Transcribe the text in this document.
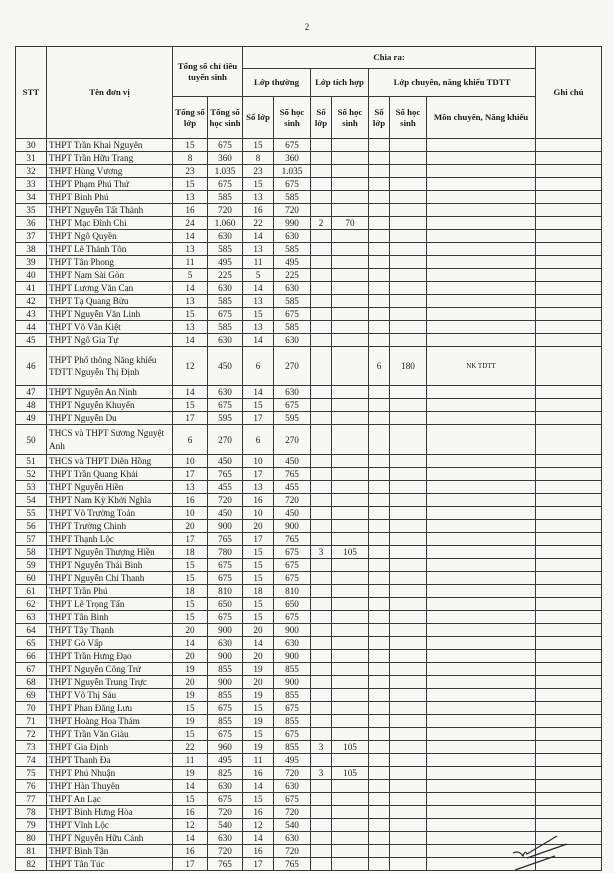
2
STT	Tên đơn vị	Tổng số chỉ tiêu tuyển sinh		Chia ra:							Ghi chú
				Lớp thường		Lớp tích hợp		Lớp chuyên, năng khiếu TDTT			
		Tổng số lớp	Tổng số học sinh	Số lớp	Số học sinh	Số lớp	Số học sinh	Số lớp	Số học sinh	Môn chuyên, Năng khiếu	
30	THPT Trần Khai Nguyên	15	675	15	675						
31	THPT Trần Hữu Trang	8	360	8	360						
32	THPT Hùng Vương	23	1.035	23	1.035						
33	THPT Phạm Phú Thứ	15	675	15	675						
34	THPT Bình Phú	13	585	13	585						
35	THPT Nguyễn Tất Thành	16	720	16	720						
36	THPT Mạc Đĩnh Chi	24	1.060	22	990	2	70				
37	THPT Ngô Quyền	14	630	14	630						
38	THPT Lê Thánh Tôn	13	585	13	585						
39	THPT Tân Phong	11	495	11	495						
40	THPT Nam Sài Gòn	5	225	5	225						
41	THPT Lương Văn Can	14	630	14	630						
42	THPT Tạ Quang Bửu	13	585	13	585						
43	THPT Nguyễn Văn Linh	15	675	15	675						
44	THPT Võ Văn Kiệt	13	585	13	585						
45	THPT Ngô Gia Tự	14	630	14	630						
46	THPT Phổ thông Năng khiếu TDTT Nguyễn Thị Định	12	450	6	270			6	180	NK TDTT	
47	THPT Nguyễn An Ninh	14	630	14	630						
48	THPT Nguyễn Khuyến	15	675	15	675						
49	THPT Nguyễn Du	17	595	17	595						
50	THCS và THPT Sương Nguyệt Anh	6	270	6	270						
51	THCS và THPT Diên Hồng	10	450	10	450						
52	THPT Trần Quang Khải	17	765	17	765						
53	THPT Nguyễn Hiền	13	455	13	455						
54	THPT Nam Kỳ Khởi Nghĩa	16	720	16	720						
55	THPT Võ Trường Toản	10	450	10	450						
56	THPT Trường Chinh	20	900	20	900						
57	THPT Thạnh Lộc	17	765	17	765						
58	THPT Nguyễn Thượng Hiền	18	780	15	675	3	105				
59	THPT Nguyễn Thái Bình	15	675	15	675						
60	THPT Nguyễn Chí Thanh	15	675	15	675						
61	THPT Trần Phú	18	810	18	810						
62	THPT Lê Trọng Tấn	15	650	15	650						
63	THPT Tân Bình	15	675	15	675						
64	THPT Tây Thạnh	20	900	20	900						
65	THPT Gò Vấp	14	630	14	630						
66	THPT Trần Hưng Đạo	20	900	20	900						
67	THPT Nguyễn Công Trứ	19	855	19	855						
68	THPT Nguyễn Trung Trực	20	900	20	900						
69	THPT Võ Thị Sáu	19	855	19	855						
70	THPT Phan Đăng Lưu	15	675	15	675						
71	THPT Hoàng Hoa Thám	19	855	19	855						
72	THPT Trần Văn Giàu	15	675	15	675						
73	THPT Gia Định	22	960	19	855	3	105				
74	THPT Thanh Đa	11	495	11	495						
75	THPT Phú Nhuận	19	825	16	720	3	105				
76	THPT Hàn Thuyên	14	630	14	630						
77	THPT An Lạc	15	675	15	675						
78	THPT Bình Hưng Hòa	16	720	16	720						
79	THPT Vĩnh Lộc	12	540	12	540						
80	THPT Nguyễn Hữu Cảnh	14	630	14	630						
81	THPT Bình Tân	16	720	16	720						
82	THPT Tân Túc	17	765	17	765						
